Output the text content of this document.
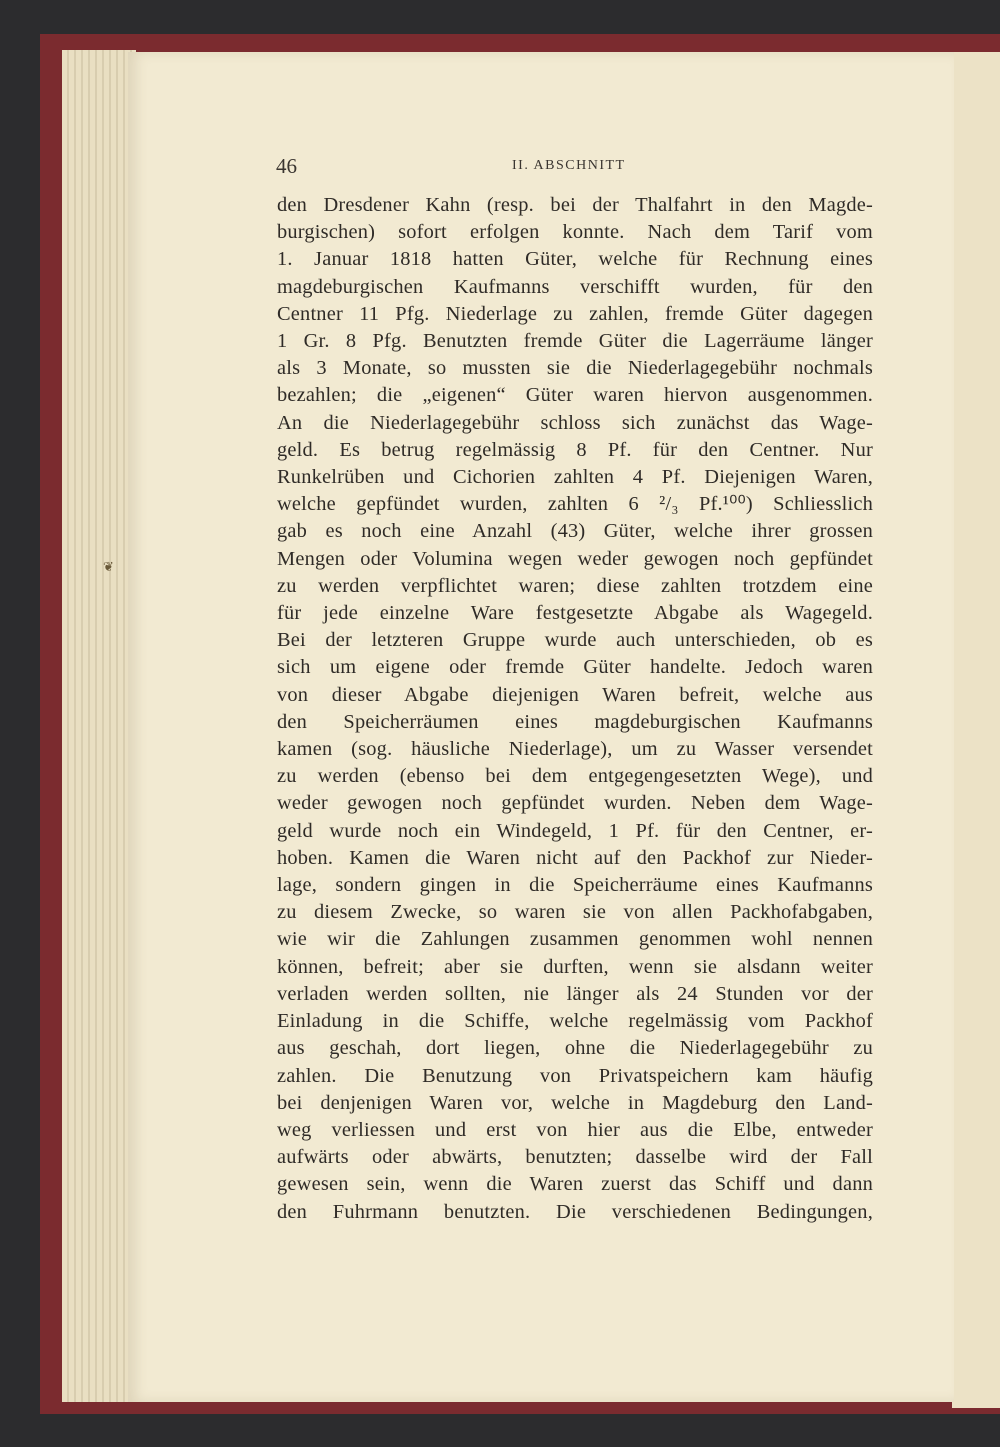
46	II. ABSCHNITT
❦
den Dresdener Kahn (resp. bei der Thalfahrt in den Magde-
burgischen) sofort erfolgen konnte. Nach dem Tarif vom
1. Januar 1818 hatten Güter, welche für Rechnung eines
magdeburgischen Kaufmanns verschifft wurden, für den
Centner 11 Pfg. Niederlage zu zahlen, fremde Güter dagegen
1 Gr. 8 Pfg. Benutzten fremde Güter die Lagerräume länger
als 3 Monate, so mussten sie die Niederlagegebühr nochmals
bezahlen; die „eigenen“ Güter waren hiervon ausgenommen.
An die Niederlagegebühr schloss sich zunächst das Wage-
geld. Es betrug regelmässig 8 Pf. für den Centner. Nur
Runkelrüben und Cichorien zahlten 4 Pf. Diejenigen Waren,
welche gepfündet wurden, zahlten 6 ²/₃ Pf.¹⁰⁰) Schliesslich
gab es noch eine Anzahl (43) Güter, welche ihrer grossen
Mengen oder Volumina wegen weder gewogen noch gepfündet
zu werden verpflichtet waren; diese zahlten trotzdem eine
für jede einzelne Ware festgesetzte Abgabe als Wagegeld.
Bei der letzteren Gruppe wurde auch unterschieden, ob es
sich um eigene oder fremde Güter handelte. Jedoch waren
von dieser Abgabe diejenigen Waren befreit, welche aus
den Speicherräumen eines magdeburgischen Kaufmanns
kamen (sog. häusliche Niederlage), um zu Wasser versendet
zu werden (ebenso bei dem entgegengesetzten Wege), und
weder gewogen noch gepfündet wurden. Neben dem Wage-
geld wurde noch ein Windegeld, 1 Pf. für den Centner, er-
hoben. Kamen die Waren nicht auf den Packhof zur Nieder-
lage, sondern gingen in die Speicherräume eines Kaufmanns
zu diesem Zwecke, so waren sie von allen Packhofabgaben,
wie wir die Zahlungen zusammen genommen wohl nennen
können, befreit; aber sie durften, wenn sie alsdann weiter
verladen werden sollten, nie länger als 24 Stunden vor der
Einladung in die Schiffe, welche regelmässig vom Packhof
aus geschah, dort liegen, ohne die Niederlagegebühr zu
zahlen. Die Benutzung von Privatspeichern kam häufig
bei denjenigen Waren vor, welche in Magdeburg den Land-
weg verliessen und erst von hier aus die Elbe, entweder
aufwärts oder abwärts, benutzten; dasselbe wird der Fall
gewesen sein, wenn die Waren zuerst das Schiff und dann
den Fuhrmann benutzten. Die verschiedenen Bedingungen,
